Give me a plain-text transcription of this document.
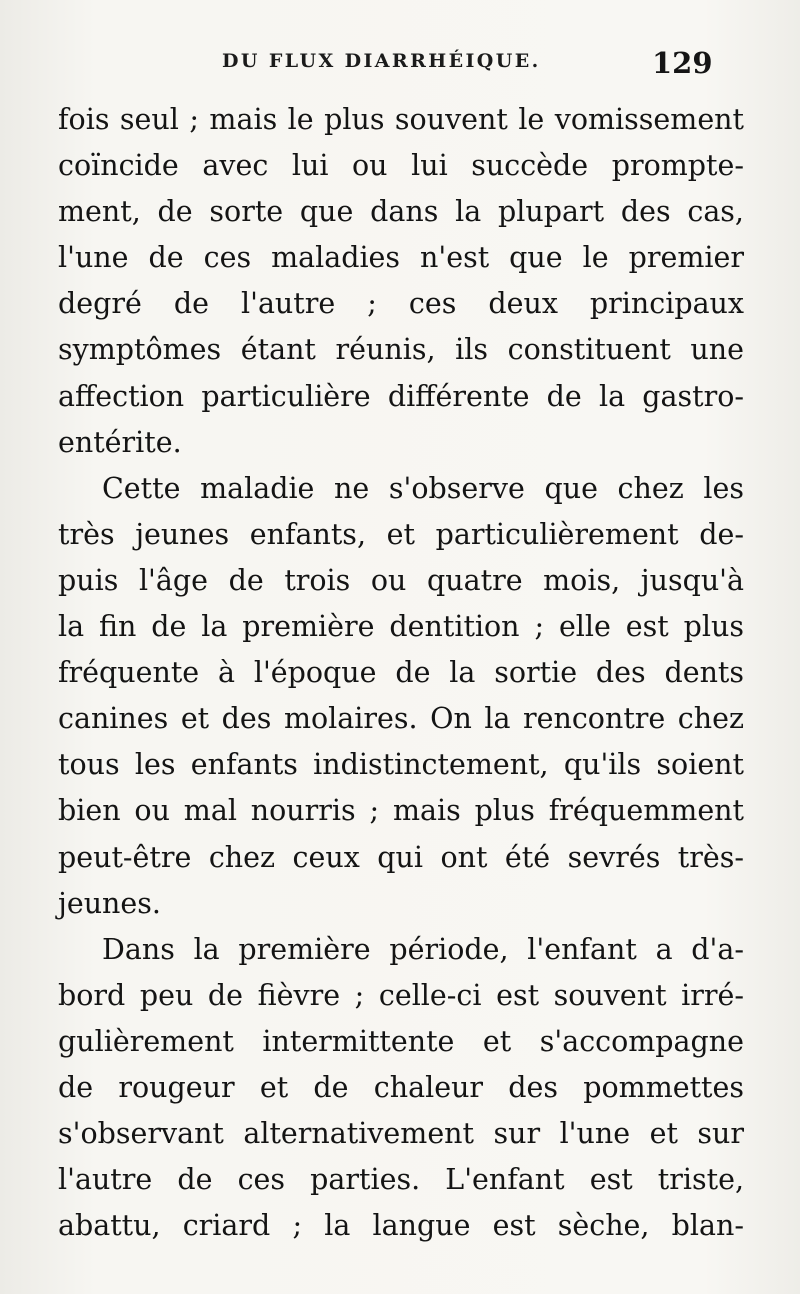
DU FLUX DIARRHÉIQUE.	129
fois seul ; mais le plus souvent le vomissement
coïncide avec lui ou lui succède prompte-
ment, de sorte que dans la plupart des cas,
l'une de ces maladies n'est que le premier
degré de l'autre ; ces deux principaux
symptômes étant réunis, ils constituent une
affection particulière différente de la gastro-
entérite.
Cette maladie ne s'observe que chez les
très jeunes enfants, et particulièrement de-
puis l'âge de trois ou quatre mois, jusqu'à
la fin de la première dentition ; elle est plus
fréquente à l'époque de la sortie des dents
canines et des molaires. On la rencontre chez
tous les enfants indistinctement, qu'ils soient
bien ou mal nourris ; mais plus fréquemment
peut-être chez ceux qui ont été sevrés très-
jeunes.
Dans la première période, l'enfant a d'a-
bord peu de fièvre ; celle-ci est souvent irré-
gulièrement intermittente et s'accompagne
de rougeur et de chaleur des pommettes
s'observant alternativement sur l'une et sur
l'autre de ces parties. L'enfant est triste,
abattu, criard ; la langue est sèche, blan-
